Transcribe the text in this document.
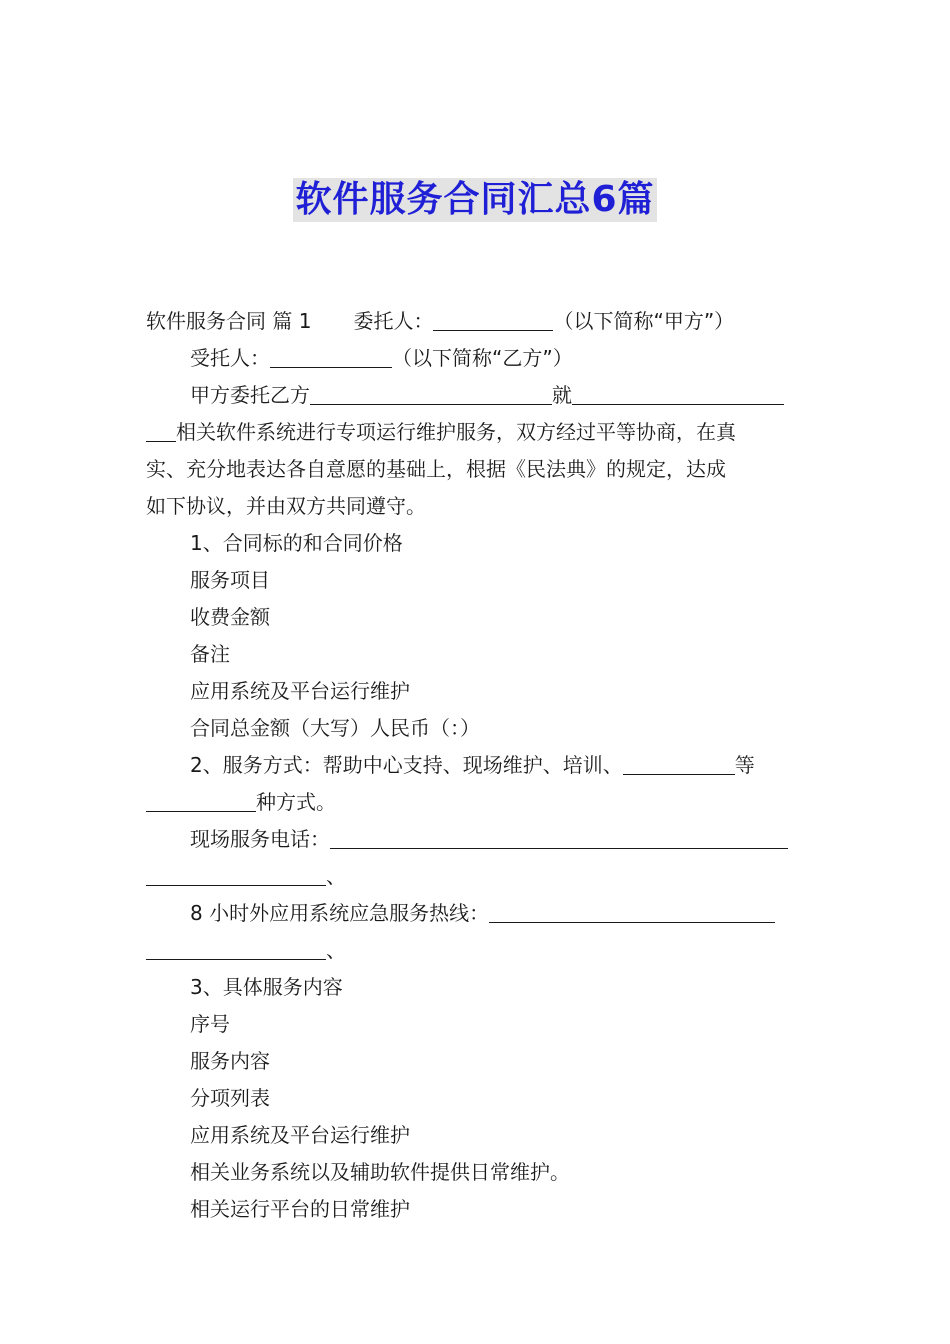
软件服务合同汇总6篇
软件服务合同 篇 1 委托人：	（以下简称“甲方”）
受托人：	（以下简称“乙方”）
甲方委托乙方	就
相关软件系统进行专项运行维护服务，双方经过平等协商，在真
实、充分地表达各自意愿的基础上，根据《民法典》的规定，达成
如下协议，并由双方共同遵守。
1、合同标的和合同价格
服务项目
收费金额
备注
应用系统及平台运行维护
合同总金额（大写）人民币（：）
2、服务方式：帮助中心支持、现场维护、培训、	等
种方式。
现场服务电话：
、
8 小时外应用系统应急服务热线：
、
3、具体服务内容
序号
服务内容
分项列表
应用系统及平台运行维护
相关业务系统以及辅助软件提供日常维护。
相关运行平台的日常维护
